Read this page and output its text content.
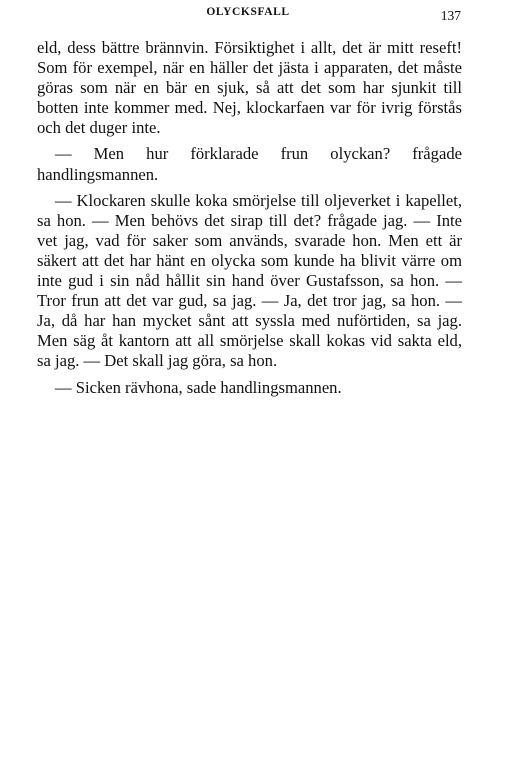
OLYCKSFALL	137

eld, dess bättre brännvin. Försiktighet i allt, det är mitt reseft! Som för exempel, när en häller det jästa i apparaten, det måste göras som när en bär en sjuk, så att det som har sjunkit till botten inte kommer med. Nej, klockarfaen var för ivrig förstås och det duger inte.

— Men hur förklarade frun olyckan? frågade handlingsmannen.

— Klockaren skulle koka smörjelse till oljeverket i kapellet, sa hon. — Men behövs det sirap till det? frågade jag. — Inte vet jag, vad för saker som används, svarade hon. Men ett är säkert att det har hänt en olycka som kunde ha blivit värre om inte gud i sin nåd hållit sin hand över Gustafsson, sa hon. — Tror frun att det var gud, sa jag. — Ja, det tror jag, sa hon. — Ja, då har han mycket sånt att syssla med nuförtiden, sa jag. Men säg åt kantorn att all smörjelse skall kokas vid sakta eld, sa jag. — Det skall jag göra, sa hon.

— Sicken rävhona, sade handlingsmannen.
